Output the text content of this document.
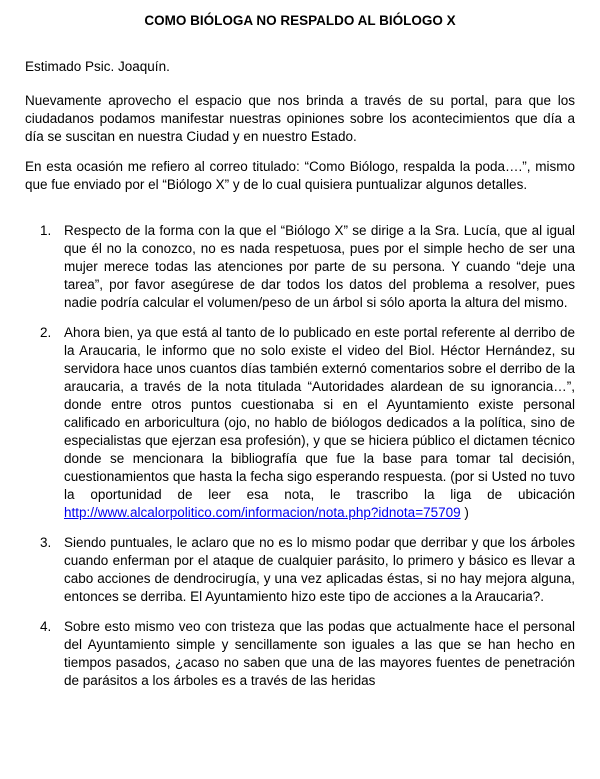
COMO BIÓLOGA NO RESPALDO AL BIÓLOGO X

Estimado Psic. Joaquín.

Nuevamente aprovecho el espacio que nos brinda a través de su portal, para que los ciudadanos podamos manifestar nuestras opiniones sobre los acontecimientos que día a día se suscitan en nuestra Ciudad y en nuestro Estado.

En esta ocasión me refiero al correo titulado: “Como Biólogo, respalda la poda….”, mismo que fue enviado por el “Biólogo X” y de lo cual quisiera puntualizar algunos detalles.

1. Respecto de la forma con la que el “Biólogo X” se dirige a la Sra. Lucía, que al igual que él no la conozco, no es nada respetuosa, pues por el simple hecho de ser una mujer merece todas las atenciones por parte de su persona. Y cuando “deje una tarea”, por favor asegúrese de dar todos los datos del problema a resolver, pues nadie podría calcular el volumen/peso de un árbol si sólo aporta la altura del mismo.
2. Ahora bien, ya que está al tanto de lo publicado en este portal referente al derribo de la Araucaria, le informo que no solo existe el video del Biol. Héctor Hernández, su servidora hace unos cuantos días también externó comentarios sobre el derribo de la araucaria, a través de la nota titulada “Autoridades alardean de su ignorancia…”, donde entre otros puntos cuestionaba si en el Ayuntamiento existe personal calificado en arboricultura (ojo, no hablo de biólogos dedicados a la política, sino de especialistas que ejerzan esa profesión), y que se hiciera público el dictamen técnico donde se mencionara la bibliografía que fue la base para tomar tal decisión, cuestionamientos que hasta la fecha sigo esperando respuesta. (por si Usted no tuvo la oportunidad de leer esa nota, le trascribo la liga de ubicación http://www.alcalorpolitico.com/informacion/nota.php?idnota=75709 )
3. Siendo puntuales, le aclaro que no es lo mismo podar que derribar y que los árboles cuando enferman por el ataque de cualquier parásito, lo primero y básico es llevar a cabo acciones de dendrocirugía, y una vez aplicadas éstas, si no hay mejora alguna, entonces se derriba. El Ayuntamiento hizo este tipo de acciones a la Araucaria?.
4. Sobre esto mismo veo con tristeza que las podas que actualmente hace el personal del Ayuntamiento simple y sencillamente son iguales a las que se han hecho en tiempos pasados, ¿acaso no saben que una de las mayores fuentes de penetración de parásitos a los árboles es a través de las heridas
